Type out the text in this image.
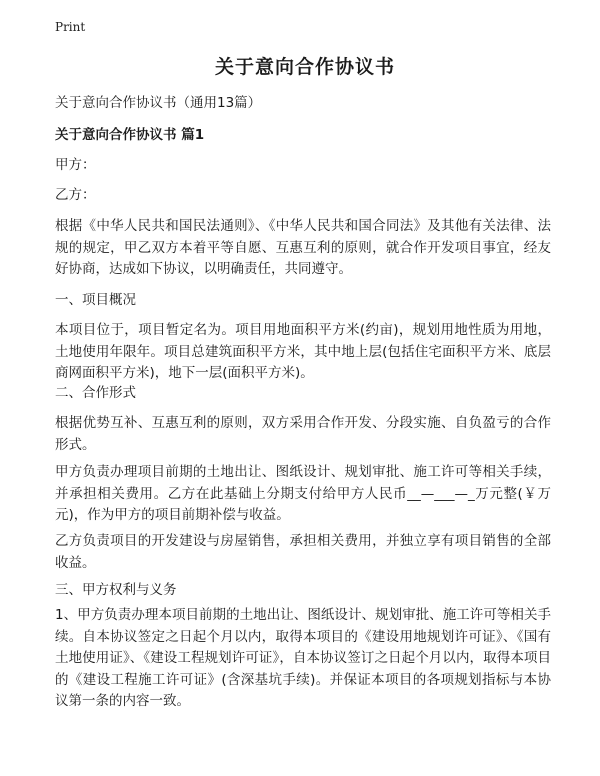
Print
关于意向合作协议书
关于意向合作协议书（通用13篇）
关于意向合作协议书 篇1
甲方：
乙方：
根据《中华人民共和国民法通则》、《中华人民共和国合同法》及其他有关法律、法规的规定，甲乙双方本着平等自愿、互惠互利的原则，就合作开发项目事宜，经友好协商，达成如下协议，以明确责任，共同遵守。
一、项目概况
本项目位于，项目暂定名为。项目用地面积平方米(约亩)，规划用地性质为用地，土地使用年限年。项目总建筑面积平方米，其中地上层(包括住宅面积平方米、底层商网面积平方米)，地下一层(面积平方米)。
二、合作形式
根据优势互补、互惠互利的原则，双方采用合作开发、分段实施、自负盈亏的合作形式。
甲方负责办理项目前期的土地出让、图纸设计、规划审批、施工许可等相关手续，并承担相关费用。乙方在此基础上分期支付给甲方人民币__—___—_万元整(￥万元)，作为甲方的项目前期补偿与收益。
乙方负责项目的开发建设与房屋销售，承担相关费用，并独立享有项目销售的全部收益。
三、甲方权利与义务
1、甲方负责办理本项目前期的土地出让、图纸设计、规划审批、施工许可等相关手续。自本协议签定之日起个月以内，取得本项目的《建设用地规划许可证》、《国有土地使用证》、《建设工程规划许可证》，自本协议签订之日起个月以内，取得本项目的《建设工程施工许可证》(含深基坑手续)。并保证本项目的各项规划指标与本协议第一条的内容一致。
